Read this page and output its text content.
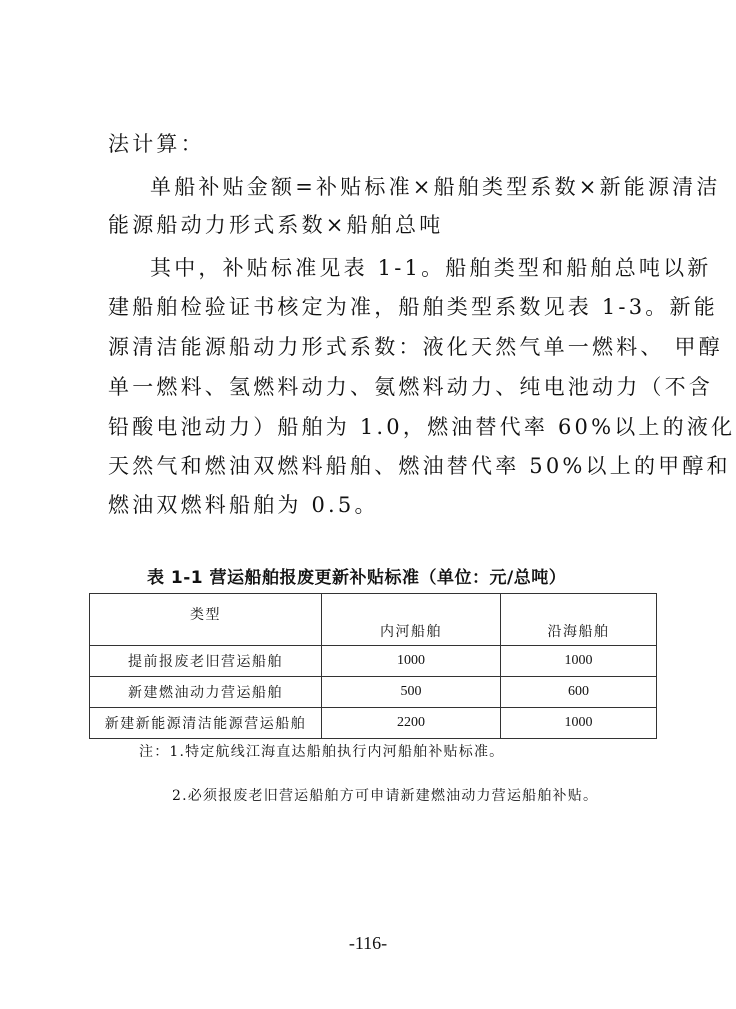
法计算：
单船补贴金额=补贴标准×船舶类型系数×新能源清洁
能源船动力形式系数×船舶总吨
其中，补贴标准见表 1-1。船舶类型和船舶总吨以新
建船舶检验证书核定为准，船舶类型系数见表 1-3。新能
源清洁能源船动力形式系数：液化天然气单一燃料、 甲醇
单一燃料、氢燃料动力、氨燃料动力、纯电池动力（不含
铅酸电池动力）船舶为 1.0，燃油替代率 60%以上的液化
天然气和燃油双燃料船舶、燃油替代率 50%以上的甲醇和
燃油双燃料船舶为 0.5。
表 1-1 营运船舶报废更新补贴标准（单位：元/总吨）
类型	内河船舶	沿海船舶
提前报废老旧营运船舶	1000	1000
新建燃油动力营运船舶	500	600
新建新能源清洁能源营运船舶	2200	1000
注：1.特定航线江海直达船舶执行内河船舶补贴标准。
2.必须报废老旧营运船舶方可申请新建燃油动力营运船舶补贴。
-116-
